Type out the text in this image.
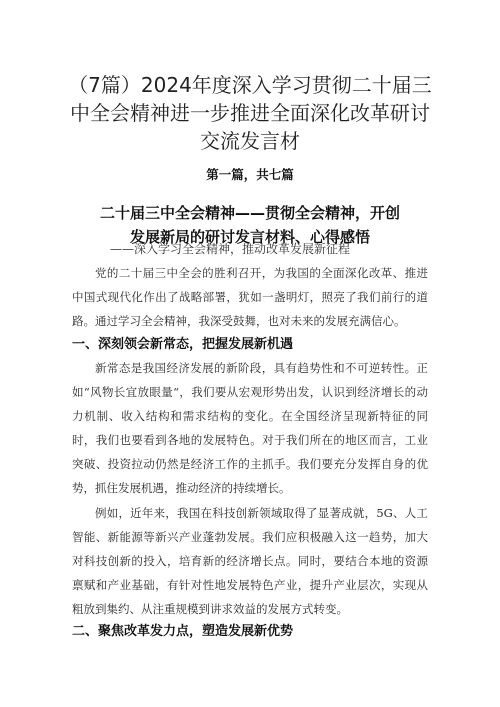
（7篇）2024年度深入学习贯彻二十届三
中全会精神进一步推进全面深化改革研讨
交流发言材
第一篇，共七篇
二十届三中全会精神——贯彻全会精神，开创
发展新局的研讨发言材料、心得感悟
——深入学习全会精神，推动改革发展新征程

党的二十届三中全会的胜利召开，为我国的全面深化改革、推进中国式现代化作出了战略部署，犹如一盏明灯，照亮了我们前行的道路。通过学习全会精神，我深受鼓舞，也对未来的发展充满信心。

一、深刻领会新常态，把握发展新机遇

新常态是我国经济发展的新阶段，具有趋势性和不可逆转性。正如“风物长宜放眼量“，我们要从宏观形势出发，认识到经济增长的动力机制、收入结构和需求结构的变化。在全国经济呈现新特征的同时，我们也要看到各地的发展特色。对于我们所在的地区而言，工业突破、投资拉动仍然是经济工作的主抓手。我们要充分发挥自身的优势，抓住发展机遇，推动经济的持续增长。

例如，近年来，我国在科技创新领域取得了显著成就，5G、人工智能、新能源等新兴产业蓬勃发展。我们应积极融入这一趋势，加大对科技创新的投入，培育新的经济增长点。同时，要结合本地的资源禀赋和产业基础，有针对性地发展特色产业，提升产业层次，实现从粗放到集约、从注重规模到讲求效益的发展方式转变。

二、聚焦改革发力点，塑造发展新优势
